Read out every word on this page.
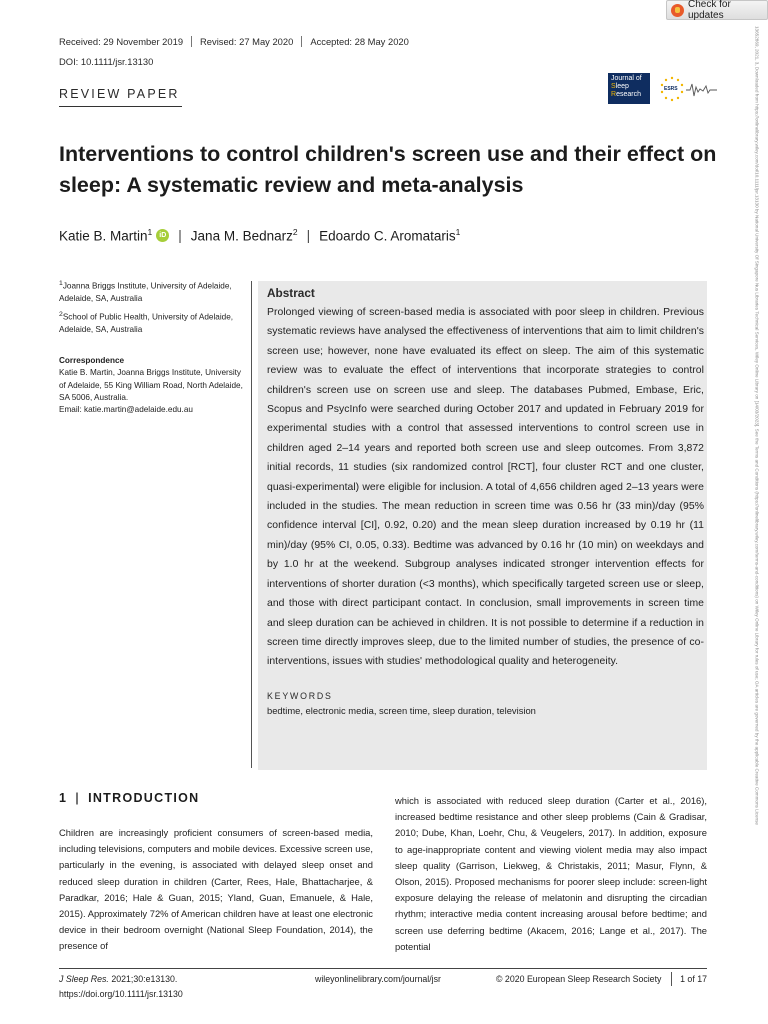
Check for updates
13652869, 2021, 3, Downloaded from https://onlinelibrary.wiley.com/doi/10.1111/jsr.13130 by National University Of Singapore Nus Libraries Technical Services, Wiley Online Library on [14/03/2023]. See the Terms and Conditions (https://onlinelibrary.wiley.com/terms-and-conditions) on Wiley Online Library for rules of use; OA articles are governed by the applicable Creative Commons License
Received: 29 November 2019	Revised: 27 May 2020	Accepted: 28 May 2020
DOI: 10.1111/jsr.13130
REVIEW PAPER
Journal of
Sleep
Research
ESRS
Interventions to control children's screen use and their effect on sleep: A systematic review and meta-analysis
Katie B. Martin$^1$	iD | Jana M. Bednarz$^2$ | Edoardo C. Aromataris$^1$

$^1$Joanna Briggs Institute, University of Adelaide, Adelaide, SA, Australia

$^2$School of Public Health, University of Adelaide, Adelaide, SA, Australia

Correspondence

Katie B. Martin, Joanna Briggs Institute, University of Adelaide, 55 King William Road, North Adelaide, SA 5006, Australia.

Email: katie.martin@adelaide.edu.au

Abstract

Prolonged viewing of screen-based media is associated with poor sleep in children. Previous systematic reviews have analysed the effectiveness of interventions that aim to limit children's screen use; however, none have evaluated its effect on sleep. The aim of this systematic review was to evaluate the effect of interventions that incorporate strategies to control children's screen use on screen use and sleep. The databases Pubmed, Embase, Eric, Scopus and PsycInfo were searched during October 2017 and updated in February 2019 for experimental studies with a control that assessed interventions to control screen use in children aged 2–14 years and reported both screen use and sleep outcomes. From 3,872 initial records, 11 studies (six randomized control [RCT], four cluster RCT and one cluster, quasi-experimental) were eligible for inclusion. A total of 4,656 children aged 2–13 years were included in the studies. The mean reduction in screen time was 0.56 hr (33 min)/day (95% confidence interval [CI], 0.92, 0.20) and the mean sleep duration increased by 0.19 hr (11 min)/day (95% CI, 0.05, 0.33). Bedtime was advanced by 0.16 hr (10 min) on weekdays and by 1.0 hr at the weekend. Subgroup analyses indicated stronger intervention effects for interventions of shorter duration (<3 months), which specifically targeted screen use or sleep, and those with direct participant contact. In conclusion, small improvements in screen time and sleep duration can be achieved in children. It is not possible to determine if a reduction in screen time directly improves sleep, due to the limited number of studies, the presence of co-interventions, issues with studies' methodological quality and heterogeneity.

KEYWORDS
bedtime, electronic media, screen time, sleep duration, television
1 | INTRODUCTION

Children are increasingly proficient consumers of screen-based media, including televisions, computers and mobile devices. Excessive screen use, particularly in the evening, is associated with delayed sleep onset and reduced sleep duration in children (Carter, Rees, Hale, Bhattacharjee, & Paradkar, 2016; Hale & Guan, 2015; Yland, Guan, Emanuele, & Hale, 2015). Approximately 72% of American children have at least one electronic device in their bedroom overnight (National Sleep Foundation, 2014), the presence of

which is associated with reduced sleep duration (Carter et al., 2016), increased bedtime resistance and other sleep problems (Cain & Gradisar, 2010; Dube, Khan, Loehr, Chu, & Veugelers, 2017). In addition, exposure to age-inappropriate content and viewing violent media may also impact sleep quality (Garrison, Liekweg, & Christakis, 2011; Masur, Flynn, & Olson, 2015). Proposed mechanisms for poorer sleep include: screen-light exposure delaying the release of melatonin and disrupting the circadian rhythm; interactive media content increasing arousal before bedtime; and screen use deferring bedtime (Akacem, 2016; Lange et al., 2017). The potential

J Sleep Res. 2021;30:e13130.
https://doi.org/10.1111/jsr.13130
wileyonlinelibrary.com/journal/jsr	© 2020 European Sleep Research Society 1 of 17
